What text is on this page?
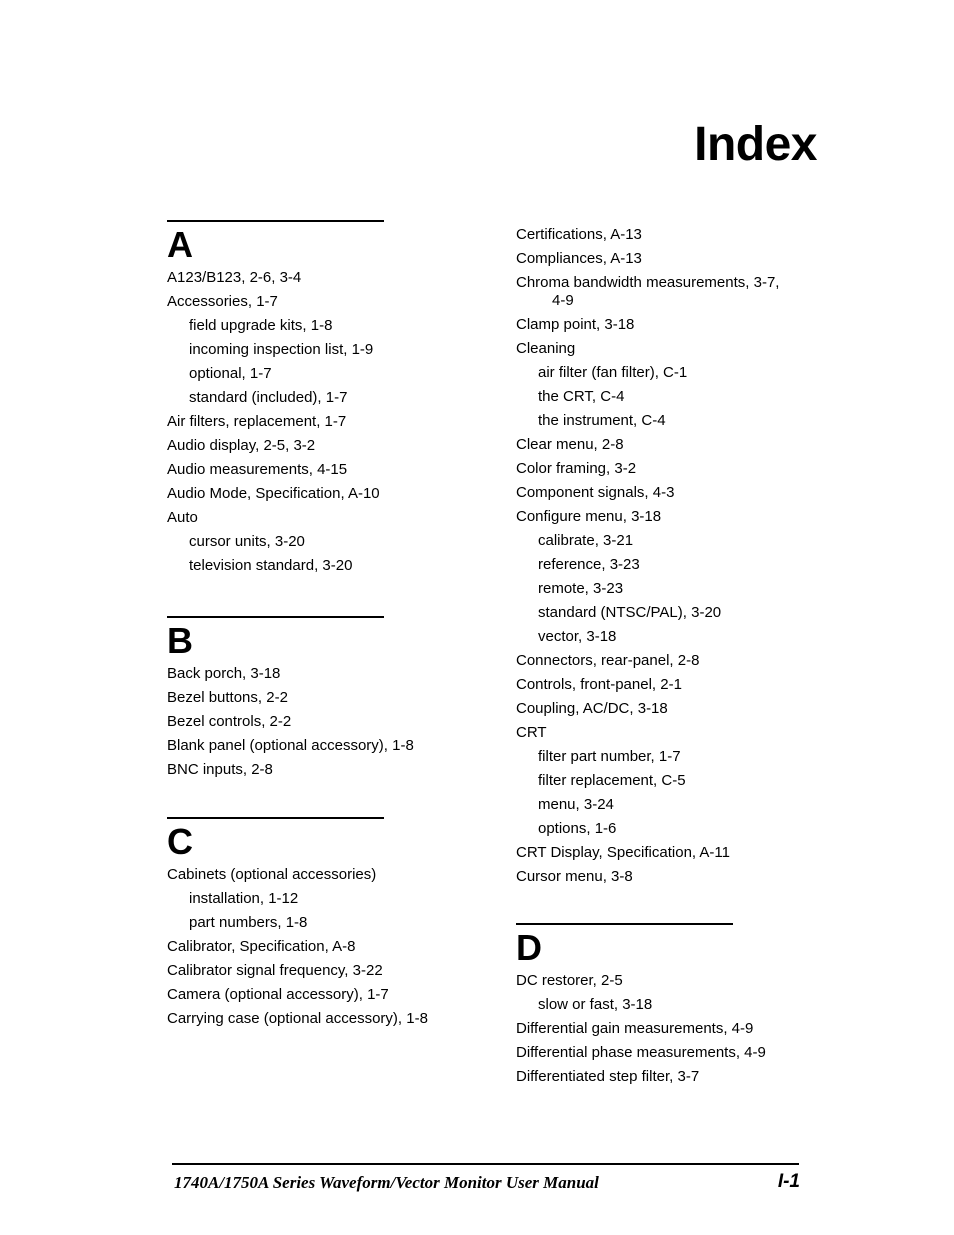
Index
A
A123/B123, 2-6, 3-4
Accessories, 1-7
field upgrade kits, 1-8
incoming inspection list, 1-9
optional, 1-7
standard (included), 1-7
Air filters, replacement, 1-7
Audio display, 2-5, 3-2
Audio measurements, 4-15
Audio Mode, Specification, A-10
Auto
cursor units, 3-20
television standard, 3-20
B
Back porch, 3-18
Bezel buttons, 2-2
Bezel controls, 2-2
Blank panel (optional accessory), 1-8
BNC inputs, 2-8
C
Cabinets (optional accessories)
installation, 1-12
part numbers, 1-8
Calibrator, Specification, A-8
Calibrator signal frequency, 3-22
Camera (optional accessory), 1-7
Carrying case (optional accessory), 1-8
Certifications, A-13
Compliances, A-13
Chroma bandwidth measurements, 3-7,
4-9
Clamp point, 3-18
Cleaning
air filter (fan filter), C-1
the CRT, C-4
the instrument, C-4
Clear menu, 2-8
Color framing, 3-2
Component signals, 4-3
Configure menu, 3-18
calibrate, 3-21
reference, 3-23
remote, 3-23
standard (NTSC/PAL), 3-20
vector, 3-18
Connectors, rear-panel, 2-8
Controls, front-panel, 2-1
Coupling, AC/DC, 3-18
CRT
filter part number, 1-7
filter replacement, C-5
menu, 3-24
options, 1-6
CRT Display, Specification, A-11
Cursor menu, 3-8
D
DC restorer, 2-5
slow or fast, 3-18
Differential gain measurements, 4-9
Differential phase measurements, 4-9
Differentiated step filter, 3-7
1740A/1750A Series Waveform/Vector Monitor User Manual	I-1
